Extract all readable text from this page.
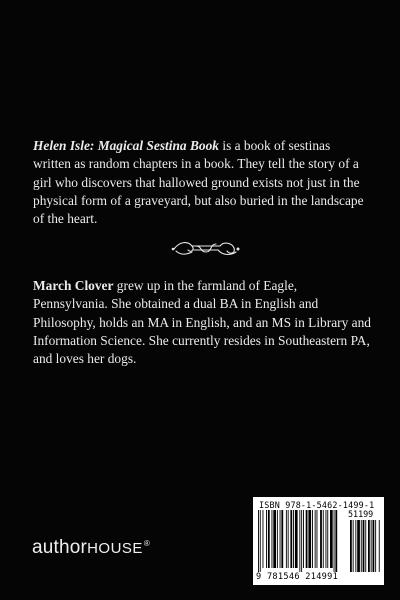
Helen Isle: Magical Sestina Book is a book of sestinas written as random chapters in a book. They tell the story of a girl who discovers that hallowed ground exists not just in the physical form of a graveyard, but also buried in the landscape of the heart.
March Clover grew up in the farmland of Eagle, Pennsylvania. She obtained a dual BA in English and Philosophy, holds an MA in English, and an MS in Library and Information Science. She currently resides in Southeastern PA, and loves her dogs.
authorHOUSE®
ISBN 978-1-5462-1499-1
51199
9 781546 214991
